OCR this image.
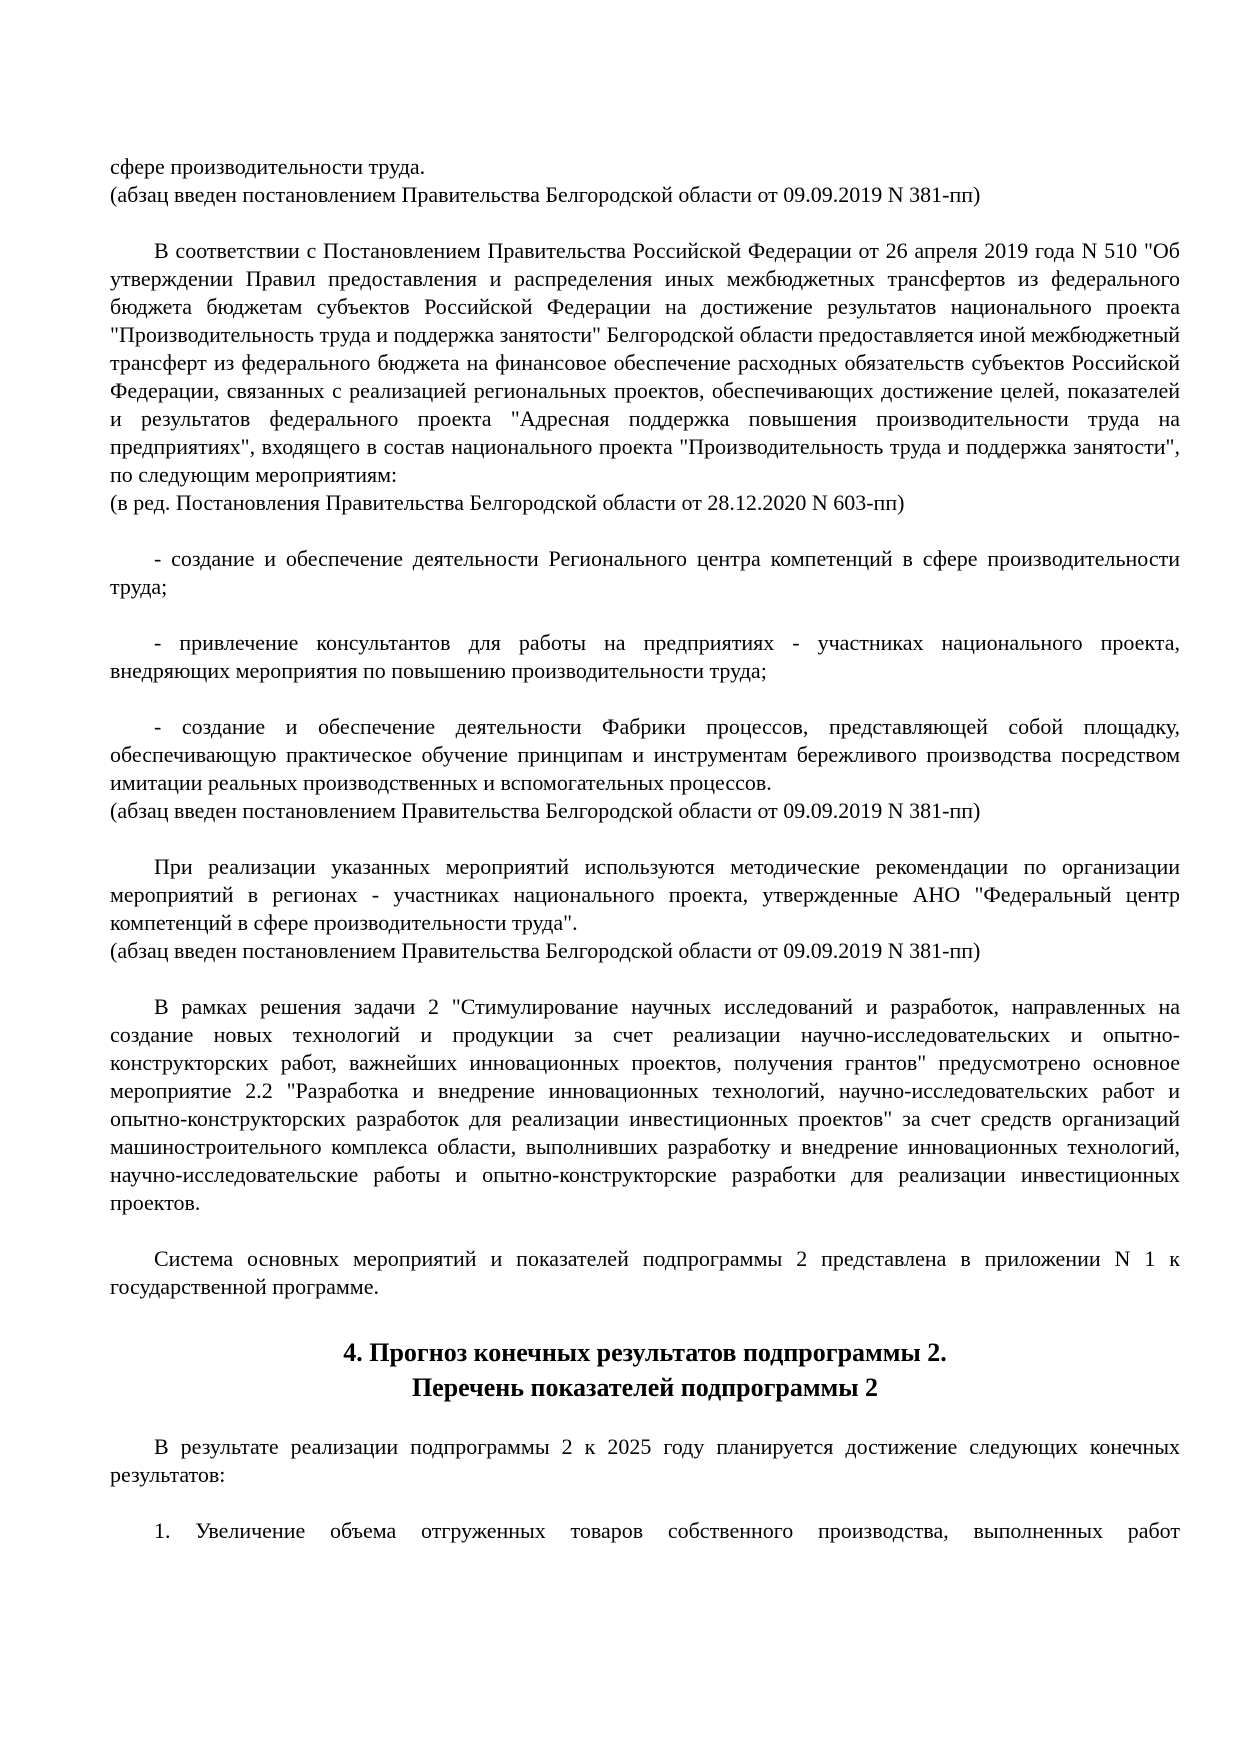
сфере производительности труда.

(абзац введен постановлением Правительства Белгородской области от 09.09.2019 N 381-пп)

В соответствии с Постановлением Правительства Российской Федерации от 26 апреля 2019 года N 510 "Об утверждении Правил предоставления и распределения иных межбюджетных трансфертов из федерального бюджета бюджетам субъектов Российской Федерации на достижение результатов национального проекта "Производительность труда и поддержка занятости" Белгородской области предоставляется иной межбюджетный трансферт из федерального бюджета на финансовое обеспечение расходных обязательств субъектов Российской Федерации, связанных с реализацией региональных проектов, обеспечивающих достижение целей, показателей и результатов федерального проекта "Адресная поддержка повышения производительности труда на предприятиях", входящего в состав национального проекта "Производительность труда и поддержка занятости", по следующим мероприятиям:

(в ред. Постановления Правительства Белгородской области от 28.12.2020 N 603-пп)

- создание и обеспечение деятельности Регионального центра компетенций в сфере производительности труда;

- привлечение консультантов для работы на предприятиях - участниках национального проекта, внедряющих мероприятия по повышению производительности труда;

- создание и обеспечение деятельности Фабрики процессов, представляющей собой площадку, обеспечивающую практическое обучение принципам и инструментам бережливого производства посредством имитации реальных производственных и вспомогательных процессов.

(абзац введен постановлением Правительства Белгородской области от 09.09.2019 N 381-пп)

При реализации указанных мероприятий используются методические рекомендации по организации мероприятий в регионах - участниках национального проекта, утвержденные АНО "Федеральный центр компетенций в сфере производительности труда".

(абзац введен постановлением Правительства Белгородской области от 09.09.2019 N 381-пп)

В рамках решения задачи 2 "Стимулирование научных исследований и разработок, направленных на создание новых технологий и продукции за счет реализации научно-исследовательских и опытно-конструкторских работ, важнейших инновационных проектов, получения грантов" предусмотрено основное мероприятие 2.2 "Разработка и внедрение инновационных технологий, научно-исследовательских работ и опытно-конструкторских разработок для реализации инвестиционных проектов" за счет средств организаций машиностроительного комплекса области, выполнивших разработку и внедрение инновационных технологий, научно-исследовательские работы и опытно-конструкторские разработки для реализации инвестиционных проектов.

Система основных мероприятий и показателей подпрограммы 2 представлена в приложении N 1 к государственной программе.

4. Прогноз конечных результатов подпрограммы 2.
Перечень показателей подпрограммы 2

В результате реализации подпрограммы 2 к 2025 году планируется достижение следующих конечных результатов:

1. Увеличение объема отгруженных товаров собственного производства, выполненных работ
